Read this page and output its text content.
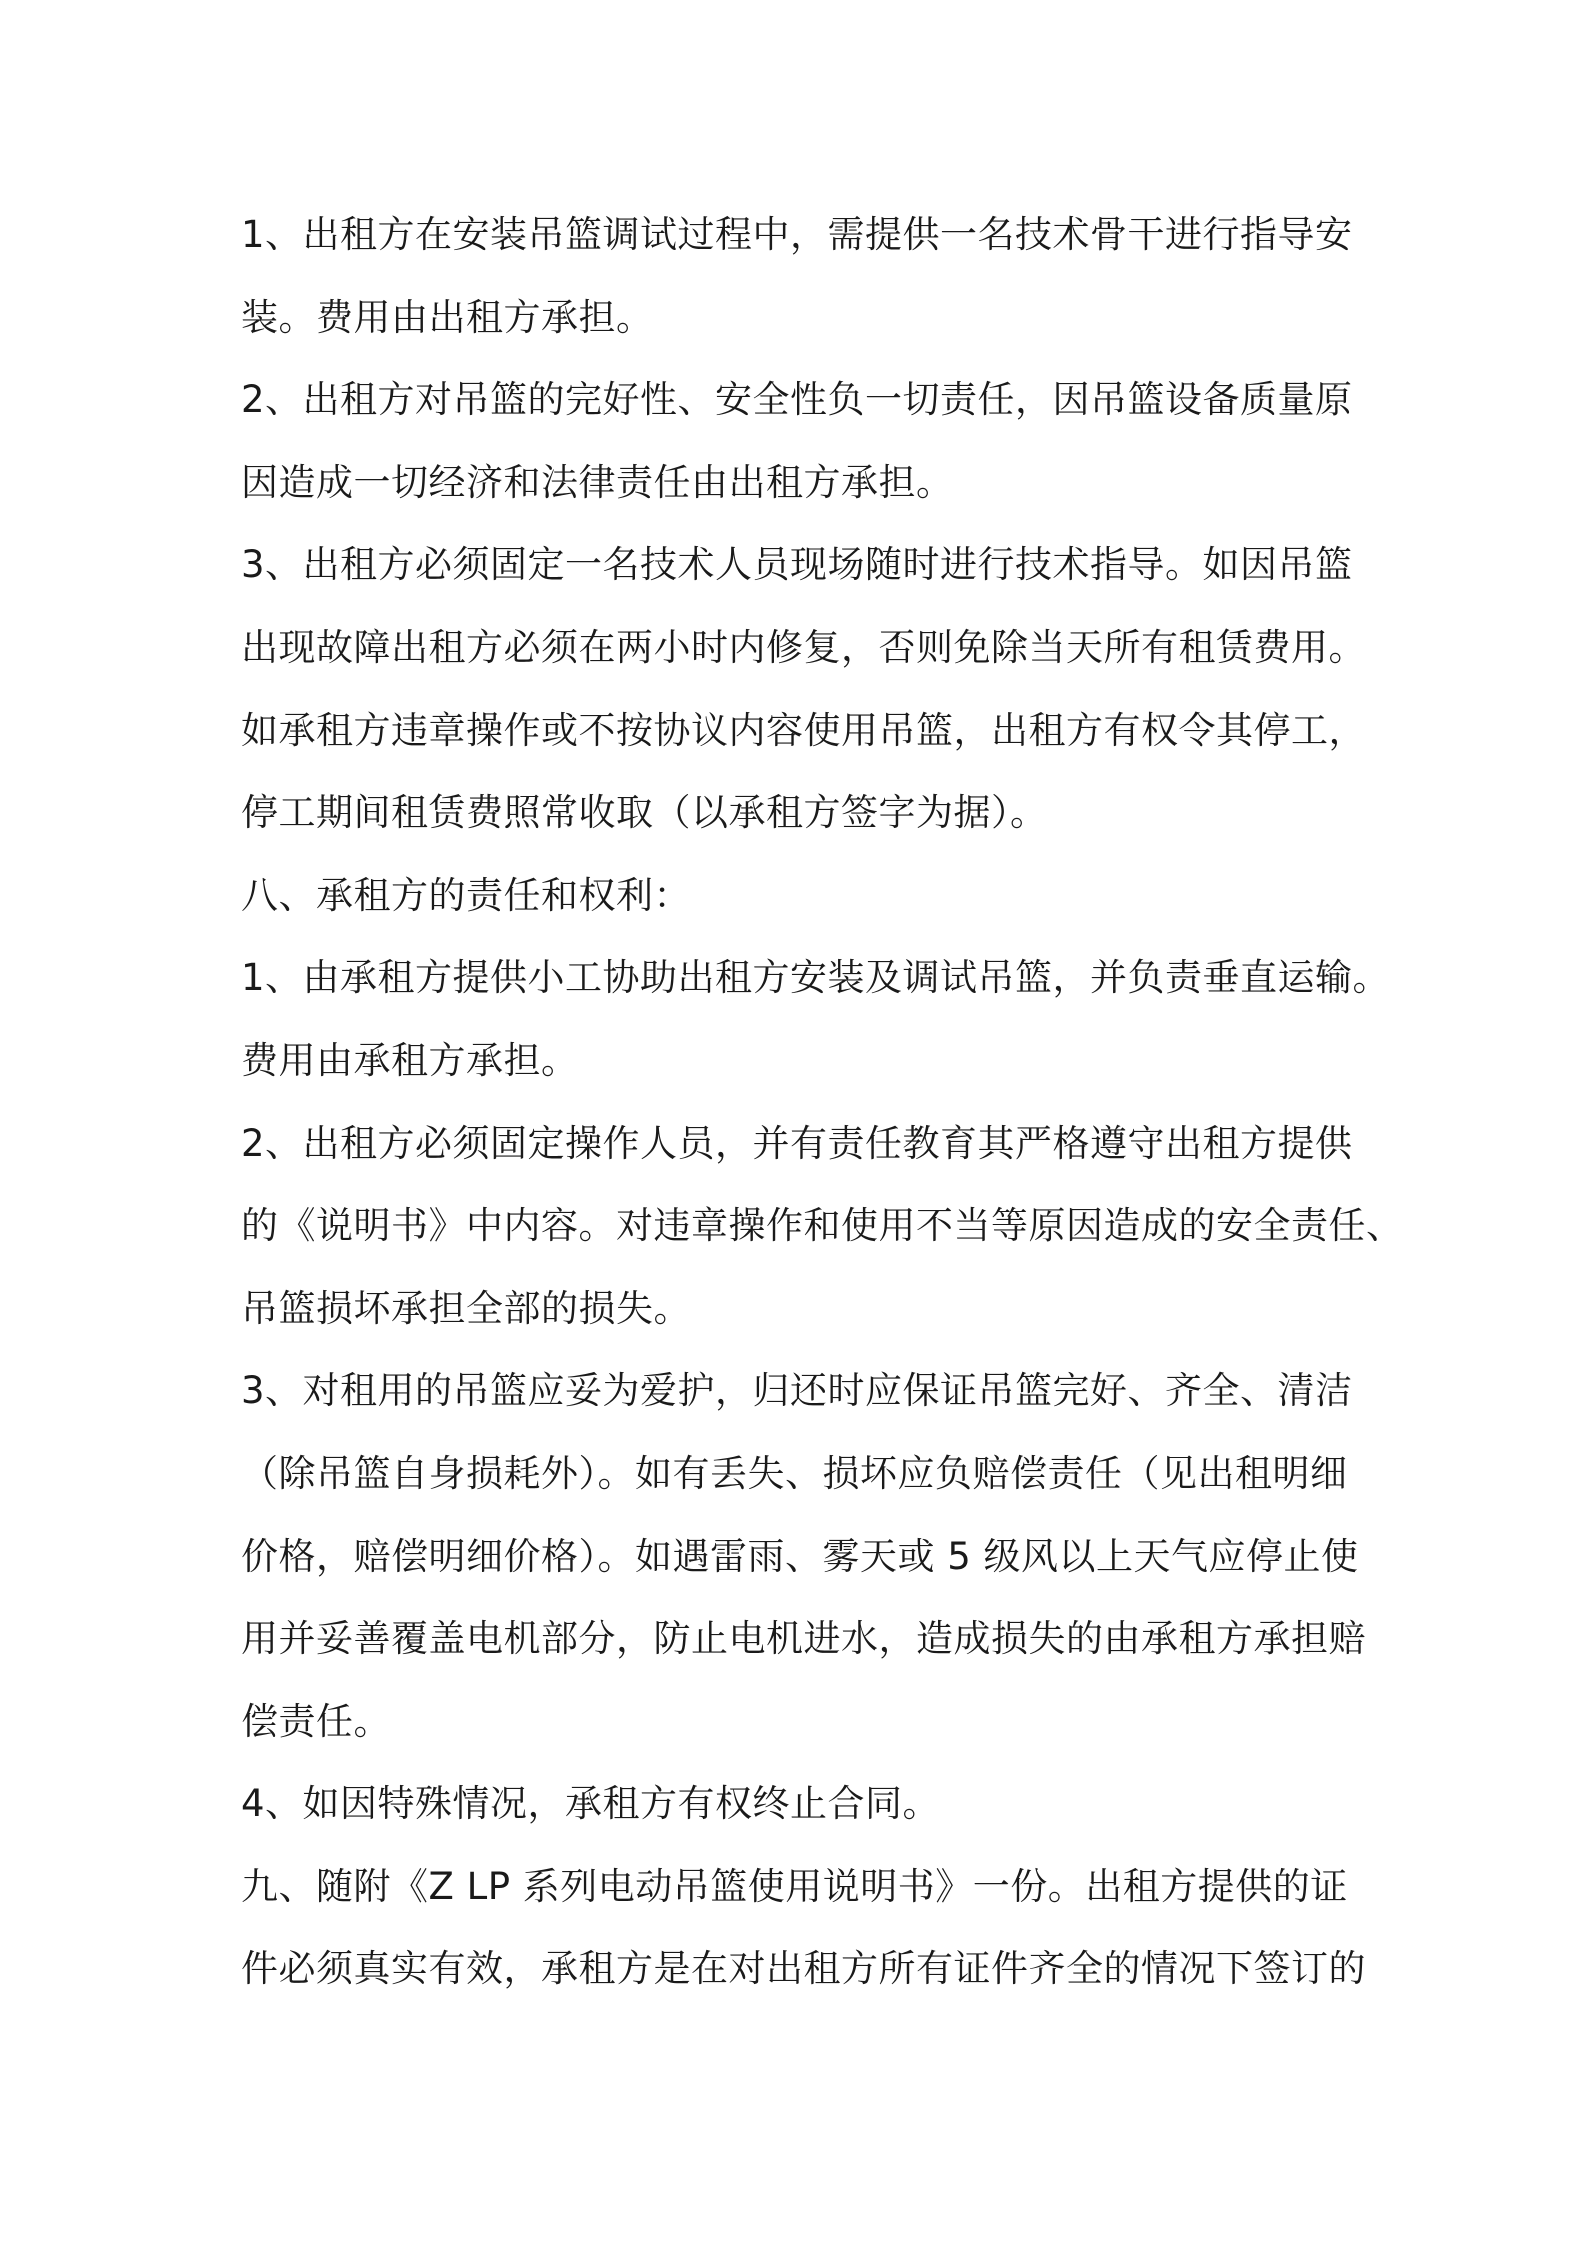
1、出租方在安装吊篮调试过程中，需提供一名技术骨干进行指导安
装。费用由出租方承担。
2、出租方对吊篮的完好性、安全性负一切责任，因吊篮设备质量原
因造成一切经济和法律责任由出租方承担。
3、出租方必须固定一名技术人员现场随时进行技术指导。如因吊篮
出现故障出租方必须在两小时内修复，否则免除当天所有租赁费用。
如承租方违章操作或不按协议内容使用吊篮，出租方有权令其停工，
停工期间租赁费照常收取（以承租方签字为据）。
八、承租方的责任和权利：
1、由承租方提供小工协助出租方安装及调试吊篮，并负责垂直运输。
费用由承租方承担。
2、出租方必须固定操作人员，并有责任教育其严格遵守出租方提供
的《说明书》中内容。对违章操作和使用不当等原因造成的安全责任、
吊篮损坏承担全部的损失。
3、对租用的吊篮应妥为爱护，归还时应保证吊篮完好、齐全、清洁
（除吊篮自身损耗外）。如有丢失、损坏应负赔偿责任（见出租明细
价格，赔偿明细价格）。如遇雷雨、雾天或 5 级风以上天气应停止使
用并妥善覆盖电机部分，防止电机进水，造成损失的由承租方承担赔
偿责任。
4、如因特殊情况，承租方有权终止合同。
九、随附《Z LP 系列电动吊篮使用说明书》一份。出租方提供的证
件必须真实有效，承租方是在对出租方所有证件齐全的情况下签订的
